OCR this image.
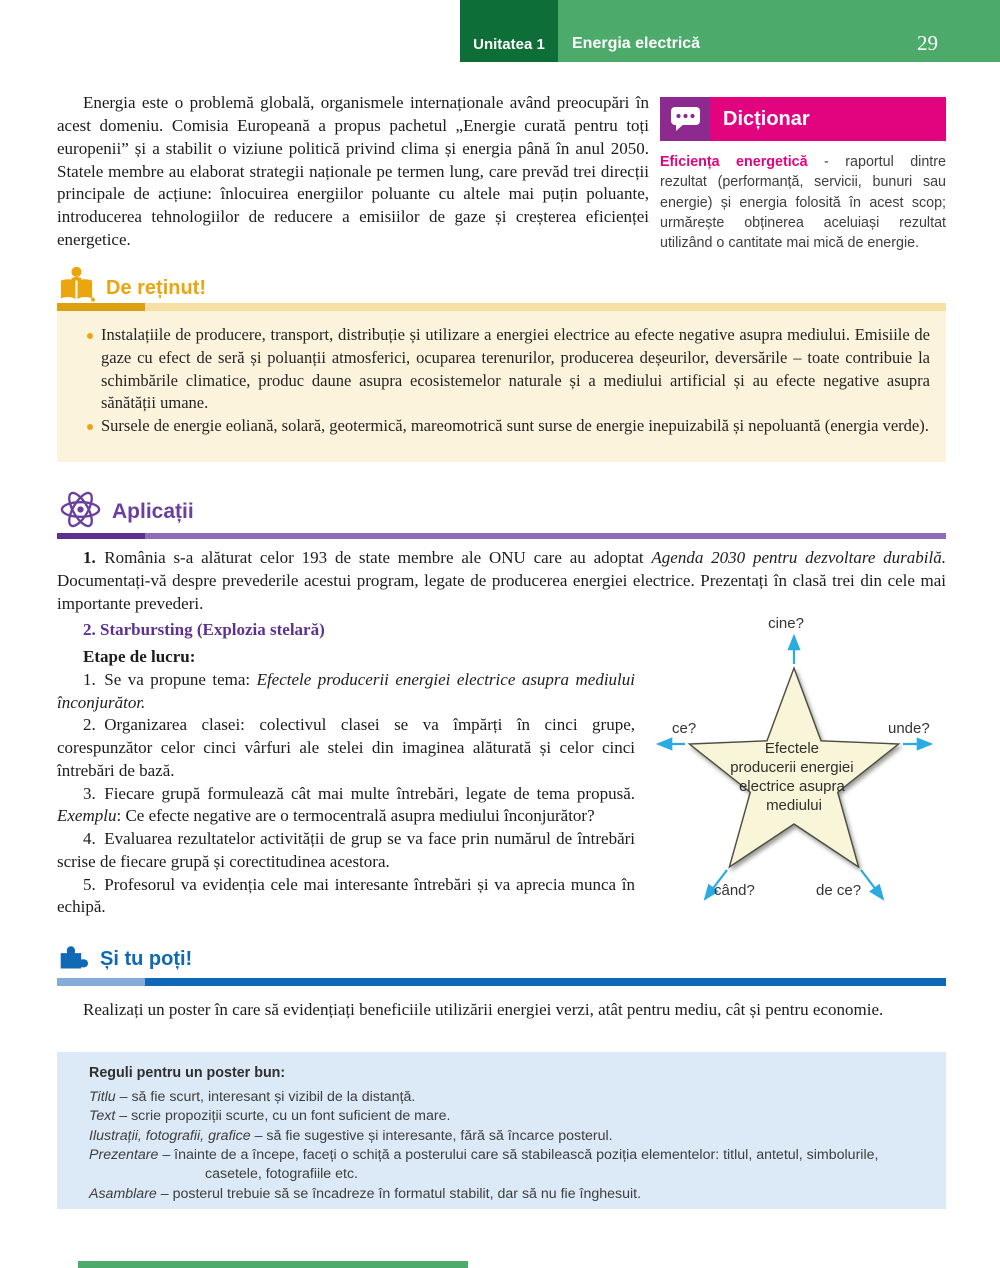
Unitatea 1 Energia electrică	29

Energia este o problemă globală, organismele internaționale având preocupări în acest domeniu. Comisia Europeană a propus pachetul „Energie curată pentru toți europenii” și a stabilit o viziune politică privind clima și energia până în anul 2050. Statele membre au elaborat strategii naționale pe termen lung, care prevăd trei direcții principale de acțiune: înlocuirea energiilor poluante cu altele mai puțin poluante, introducerea tehnologiilor de reducere a emisiilor de gaze și creșterea eficienței energetice.

Dicționar

Eficiența energetică - raportul dintre rezultat (performanță, servicii, bunuri sau energie) și energia folosită în acest scop; urmărește obținerea aceluiași rezultat utilizând o cantitate mai mică de energie.

De reținut!
Instalațiile de producere, transport, distribuție și utilizare a energiei electrice au efecte negative asupra mediului. Emisiile de gaze cu efect de seră și poluanții atmosferici, ocuparea terenurilor, producerea deșeurilor, deversările – toate contribuie la schimbările climatice, produc daune asupra ecosistemelor naturale și a mediului artificial și au efecte negative asupra sănătății umane.
Sursele de energie eoliană, solară, geotermică, mareomotrică sunt surse de energie inepuizabilă și nepoluantă (energia verde).
Aplicații

1. România s-a alăturat celor 193 de state membre ale ONU care au adoptat Agenda 2030 pentru dezvoltare durabilă. Documentați-vă despre prevederile acestui program, legate de producerea energiei electrice. Prezentați în clasă trei din cele mai importante prevederi.

2. Starbursting (Explozia stelară)

Etape de lucru:

1. Se va propune tema: Efectele producerii energiei electrice asupra mediului înconjurător.

2. Organizarea clasei: colectivul clasei se va împărți în cinci grupe, corespunzător celor cinci vârfuri ale stelei din imaginea alăturată și celor cinci întrebări de bază.

3. Fiecare grupă formulează cât mai multe întrebări, legate de tema propusă. Exemplu: Ce efecte negative are o termocentrală asupra mediului înconjurător?

4. Evaluarea rezultatelor activității de grup se va face prin numărul de întrebări scrise de fiecare grupă și corectitudinea acestora.

5. Profesorul va evidenția cele mai interesante întrebări și va aprecia munca în echipă.

Efectele producerii energiei electrice asupra mediului
cine?
ce?	unde?
când?	de ce?
Și tu poți!

Realizați un poster în care să evidențiați beneficiile utilizării energiei verzi, atât pentru mediu, cât și pentru economie.

Reguli pentru un poster bun:

Titlu – să fie scurt, interesant și vizibil de la distanță.

Text – scrie propoziții scurte, cu un font suficient de mare.

Ilustrații, fotografii, grafice – să fie sugestive și interesante, fără să încarce posterul.

Prezentare – înainte de a începe, faceți o schiță a posterului care să stabilească poziția elementelor: titlul, antetul, simbolurile, casetele, fotografiile etc.

Asamblare – posterul trebuie să se încadreze în formatul stabilit, dar să nu fie înghesuit.
